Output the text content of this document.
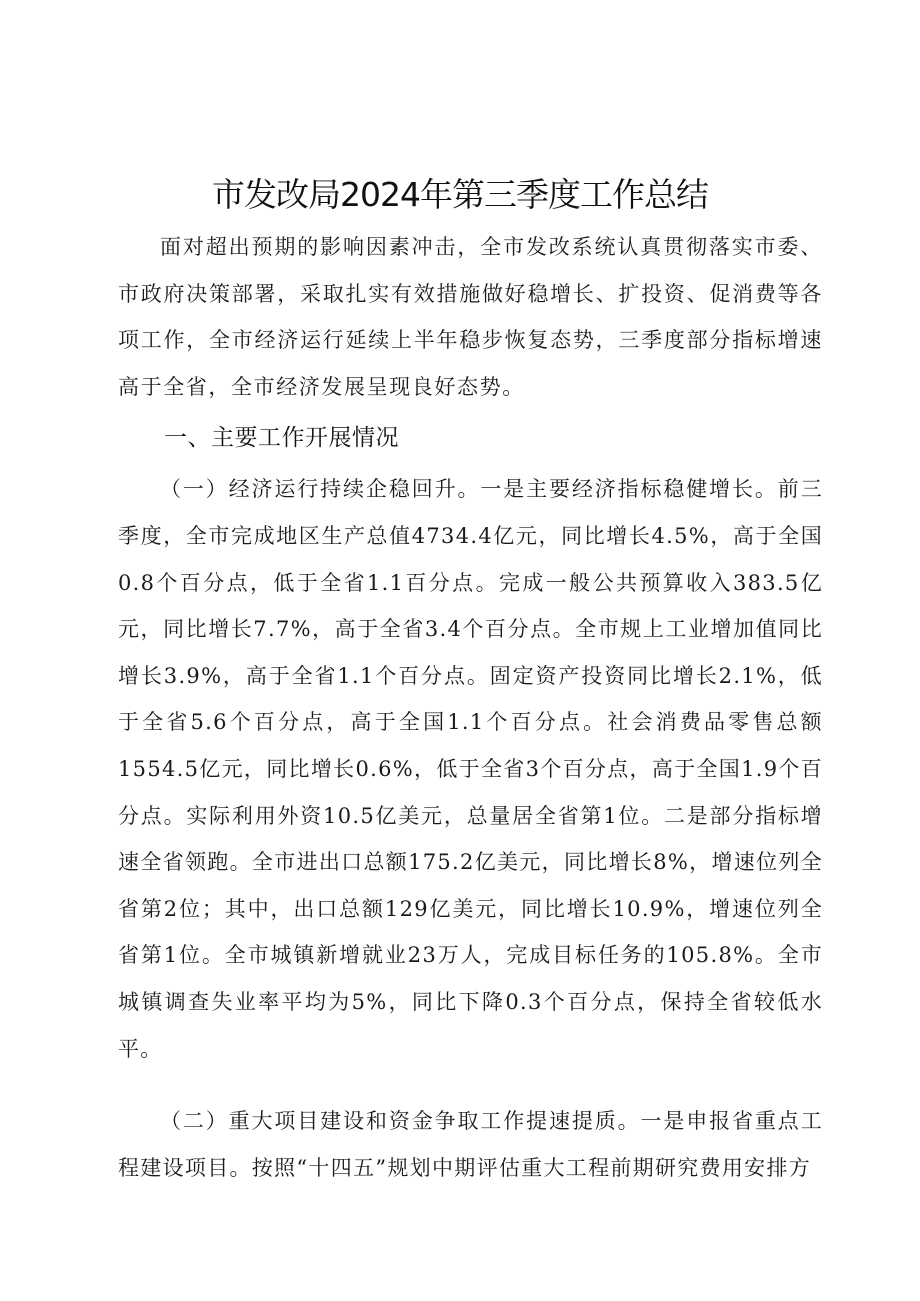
市发改局2024年第三季度工作总结

面对超出预期的影响因素冲击，全市发改系统认真贯彻落实市委、市政府决策部署，采取扎实有效措施做好稳增长、扩投资、促消费等各项工作，全市经济运行延续上半年稳步恢复态势，三季度部分指标增速高于全省，全市经济发展呈现良好态势。

一、主要工作开展情况

（一）经济运行持续企稳回升。一是主要经济指标稳健增长。前三季度，全市完成地区生产总值4734.4亿元，同比增长4.5%，高于全国0.8个百分点，低于全省1.1百分点。完成一般公共预算收入383.5亿元，同比增长7.7%，高于全省3.4个百分点。全市规上工业增加值同比增长3.9%，高于全省1.1个百分点。固定资产投资同比增长2.1%，低于全省5.6个百分点，高于全国1.1个百分点。社会消费品零售总额1554.5亿元，同比增长0.6%，低于全省3个百分点，高于全国1.9个百分点。实际利用外资10.5亿美元，总量居全省第1位。二是部分指标增速全省领跑。全市进出口总额175.2亿美元，同比增长8%，增速位列全省第2位；其中，出口总额129亿美元，同比增长10.9%，增速位列全省第1位。全市城镇新增就业23万人，完成目标任务的105.8%。全市城镇调查失业率平均为5%，同比下降0.3个百分点，保持全省较低水平。

（二）重大项目建设和资金争取工作提速提质。一是申报省重点工程建设项目。按照“十四五”规划中期评估重大工程前期研究费用安排方
